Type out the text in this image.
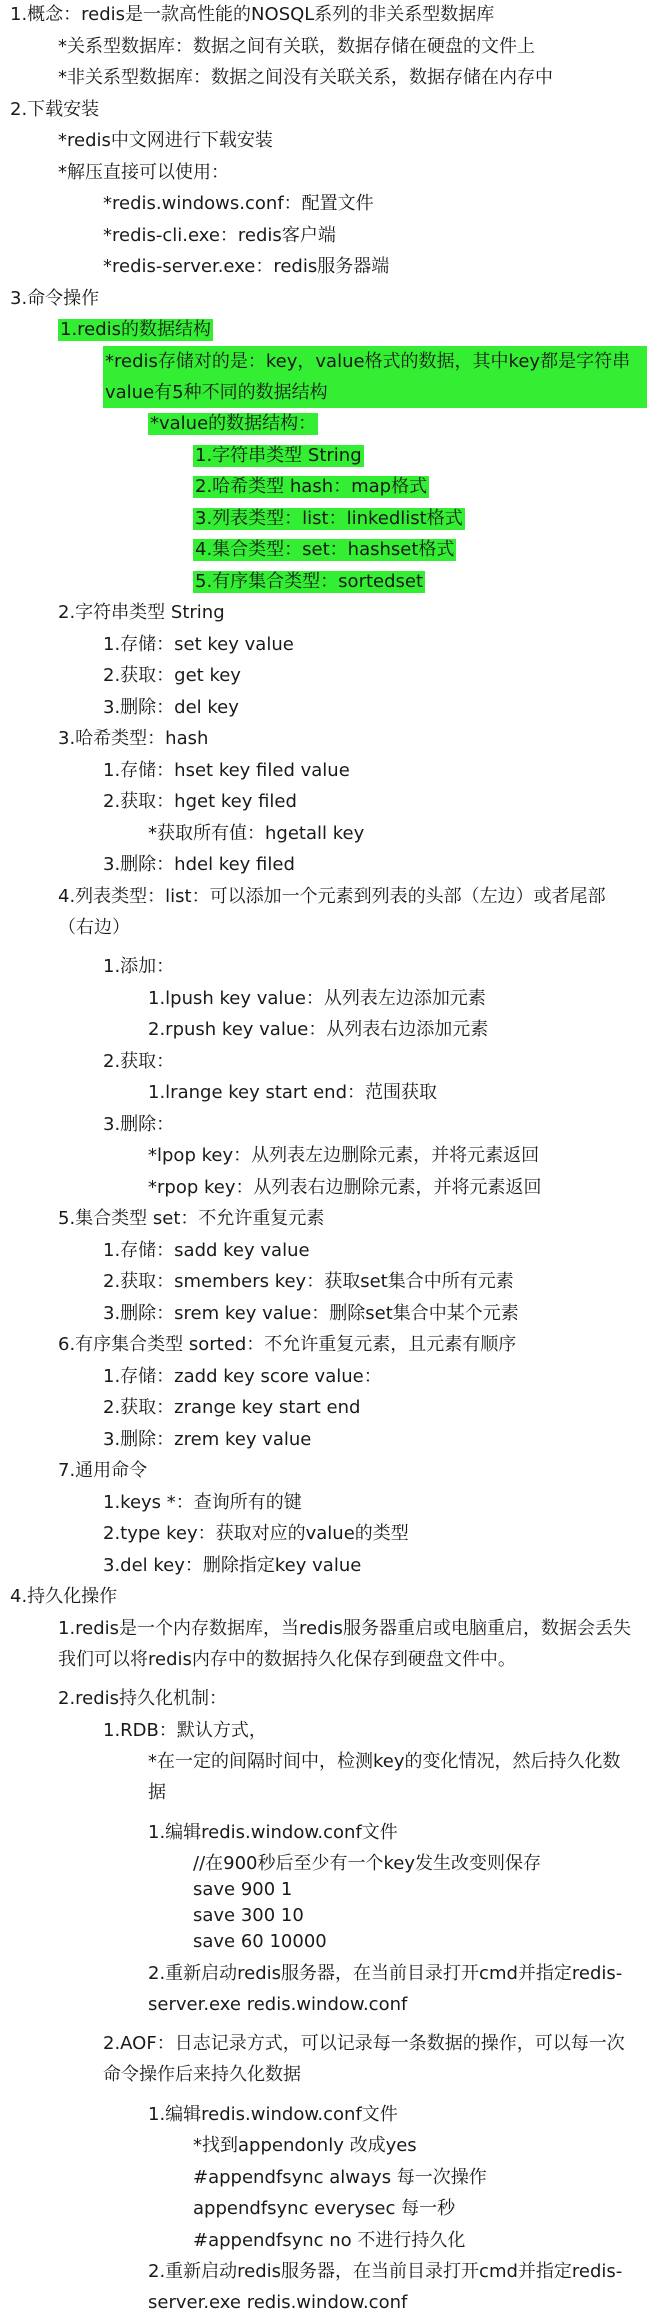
1.概念：redis是一款高性能的NOSQL系列的非关系型数据库
*关系型数据库：数据之间有关联，数据存储在硬盘的文件上
*非关系型数据库：数据之间没有关联关系，数据存储在内存中
2.下载安装
*redis中文网进行下载安装
*解压直接可以使用：
*redis.windows.conf：配置文件
*redis-cli.exe：redis客户端
*redis-server.exe：redis服务器端
3.命令操作
1.redis的数据结构
*redis存储对的是：key，value格式的数据，其中key都是字符串value有5种不同的数据结构
*value的数据结构：
1.字符串类型 String
2.哈希类型 hash：map格式
3.列表类型：list：linkedlist格式
4.集合类型：set：hashset格式
5.有序集合类型：sortedset
2.字符串类型 String
1.存储：set key value
2.获取：get key
3.删除：del key
3.哈希类型：hash
1.存储：hset key filed value
2.获取：hget key filed
*获取所有值：hgetall key
3.删除：hdel key filed
4.列表类型：list：可以添加一个元素到列表的头部（左边）或者尾部（右边）
1.添加：
1.lpush key value：从列表左边添加元素
2.rpush key value：从列表右边添加元素
2.获取：
1.lrange key start end：范围获取
3.删除：
*lpop key：从列表左边删除元素，并将元素返回
*rpop key：从列表右边删除元素，并将元素返回
5.集合类型 set：不允许重复元素
1.存储：sadd key value
2.获取：smembers key：获取set集合中所有元素
3.删除：srem key value：删除set集合中某个元素
6.有序集合类型 sorted：不允许重复元素，且元素有顺序
1.存储：zadd key score value：
2.获取：zrange key start end
3.删除：zrem key value
7.通用命令
1.keys *：查询所有的键
2.type key：获取对应的value的类型
3.del key：删除指定key value
4.持久化操作
1.redis是一个内存数据库，当redis服务器重启或电脑重启，数据会丢失我们可以将redis内存中的数据持久化保存到硬盘文件中。
2.redis持久化机制：
1.RDB：默认方式，
*在一定的间隔时间中，检测key的变化情况，然后持久化数据
1.编辑redis.window.conf文件
//在900秒后至少有一个key发生改变则保存
save 900 1
save 300 10
save 60 10000
2.重新启动redis服务器，在当前目录打开cmd并指定redis-server.exe redis.window.conf
2.AOF：日志记录方式，可以记录每一条数据的操作，可以每一次命令操作后来持久化数据
1.编辑redis.window.conf文件
*找到appendonly 改成yes
#appendfsync always 每一次操作
appendfsync everysec 每一秒
#appendfsync no 不进行持久化
2.重新启动redis服务器，在当前目录打开cmd并指定redis-server.exe redis.window.conf
